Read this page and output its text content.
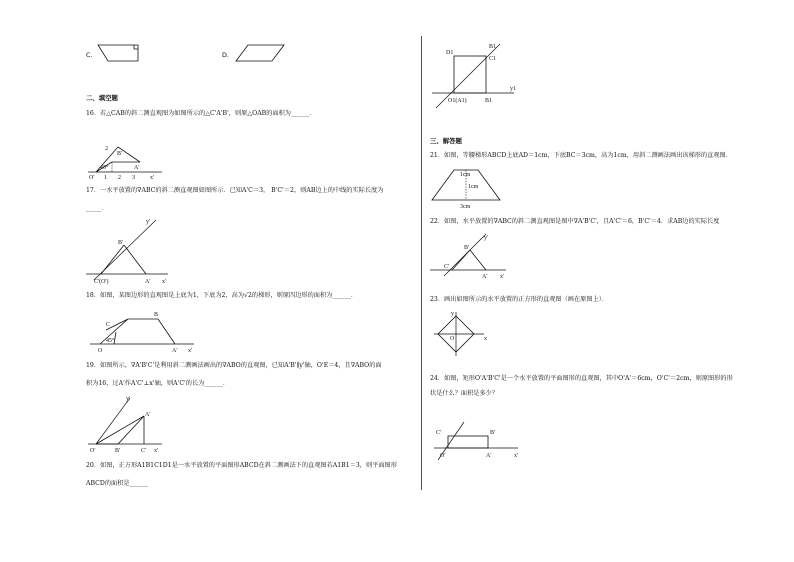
C.	D.
二、填空题
16．若△CAB的斜二测直观图为如图所示的△C'A'B'，则原△OAB的面积为______．
2
B'
A'
45°
O' 1 2 3	x'
17．一水平放置的∇ABC的斜二测直观图如图所示．已知A'C＝3， B'C'＝2，则AB边上的中线的实际长度为
_____．
y'
B'
C'(O')	A' x'
18．如图，某图边形的直观图是上底为1，下底为2，高为√2的梯形，则原四边形的面积为______．
C
B
45°
O	A' x'
19．如图所示，∇A'B'C'是利用斜二测画法画出的∇ABO的直观图，已知A'B'∥y'轴，O'E＝4，且∇ABO的面
积为16，过A'作A'C'⊥x'轴，则A'C'的长为______．
y'
A'
O'	B'	C' x'
20．如图，正方形A1B1C1D1是一水平放置的平面图形ABCD在斜二测画法下的直观图若A1B1＝3，则平面图形
ABCD的面积是______
D1
B1
C1
O1(A1)	B1
y1
三、解答题
21．如图，等腰梯形ABCD上底AD＝1cm，下底BC＝3cm，高为1cm，用斜二测画法画出该梯形的直观图．
1cm
1cm
3cm
22．如图，水平放置的∇ABC的斜二测直观图是图中∇A'B'C'，且A'C'＝6，B'C'＝4．求AB边的实际长度
y'
B'
C'
A' x'
23．画出如图所示的水平放置的正方形的直观图（画在原图上）．
y
O	x
24．如图，矩形O'A'B'C'是一个水平放置的平面图形的直观图，其中O'A'＝6cm，O'C'＝2cm，则原图形的形
状是什么？面积是多少？
C'	B'
O'	A'	x'
